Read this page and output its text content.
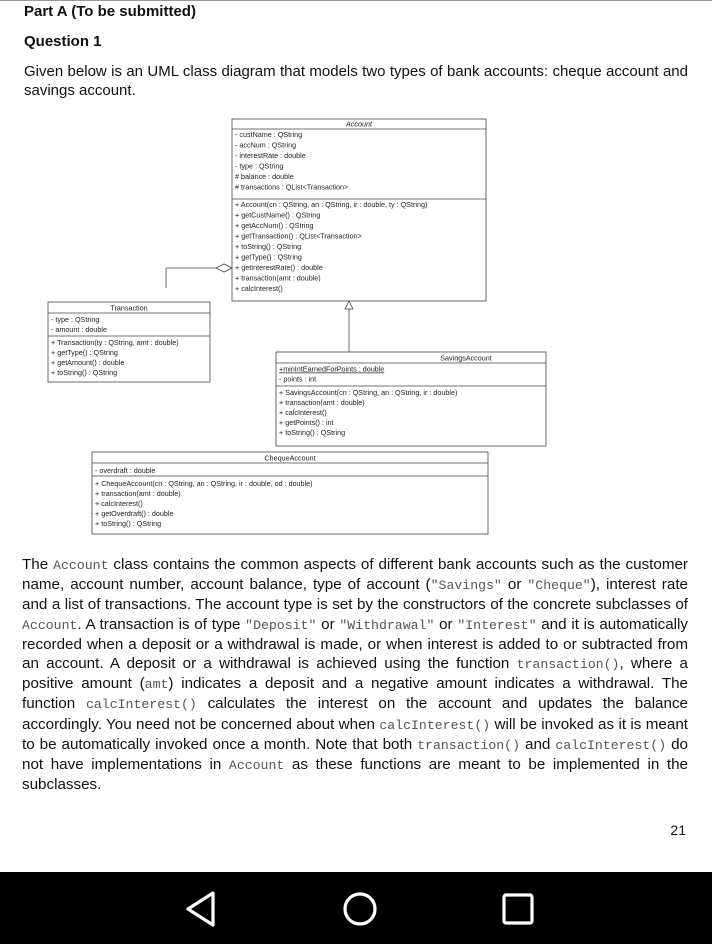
Part A (To be submitted)
Question 1
Given below is an UML class diagram that models two types of bank accounts: cheque account and savings account.
Account
- custName : QString
- accNum : QString
- interestRate : double
- type : QString
# balance : double
# transactions : QList<Transaction>
+ Account(cn : QString, an : QString, ir : double, ty : QString)
+ getCustName() : QString
+ getAccNum() : QString
+ getTransaction() : QList<Transaction>
+ toString() : QString
+ getType() : QString
+ getInterestRate() : double
+ transaction(amt : double)
+ calcInterest()
Transaction
- type : QString
- amount : double
+ Transaction(ty : QString, amt : double)
+ getType() : QString
+ getAmount() : double
+ toString() : QString
SavingsAccount
+minIntEarnedForPoints : double
- points : int
+ SavingsAccount(cn : QString, an : QString, ir : double)
+ transaction(amt : double)
+ calcInterest()
+ getPoints() : int
+ toString() : QString
ChequeAccount
- overdraft : double
+ ChequeAccount(cn : QString, an : QString, ir : double, od : double)
+ transaction(amt : double)
+ calcInterest()
+ getOverdraft() : double
+ toString() : QString
The Account class contains the common aspects of different bank accounts such as the customer name, account number, account balance, type of account ("Savings" or "Cheque"), interest rate and a list of transactions. The account type is set by the constructors of the concrete subclasses of Account. A transaction is of type "Deposit" or "Withdrawal" or "Interest" and it is automatically recorded when a deposit or a withdrawal is made, or when interest is added to or subtracted from an account. A deposit or a withdrawal is achieved using the function transaction(), where a positive amount (amt) indicates a deposit and a negative amount indicates a withdrawal. The function calcInterest() calculates the interest on the account and updates the balance accordingly. You need not be concerned about when calcInterest() will be invoked as it is meant to be automatically invoked once a month. Note that both transaction() and calcInterest() do not have implementations in Account as these functions are meant to be implemented in the subclasses.
21
